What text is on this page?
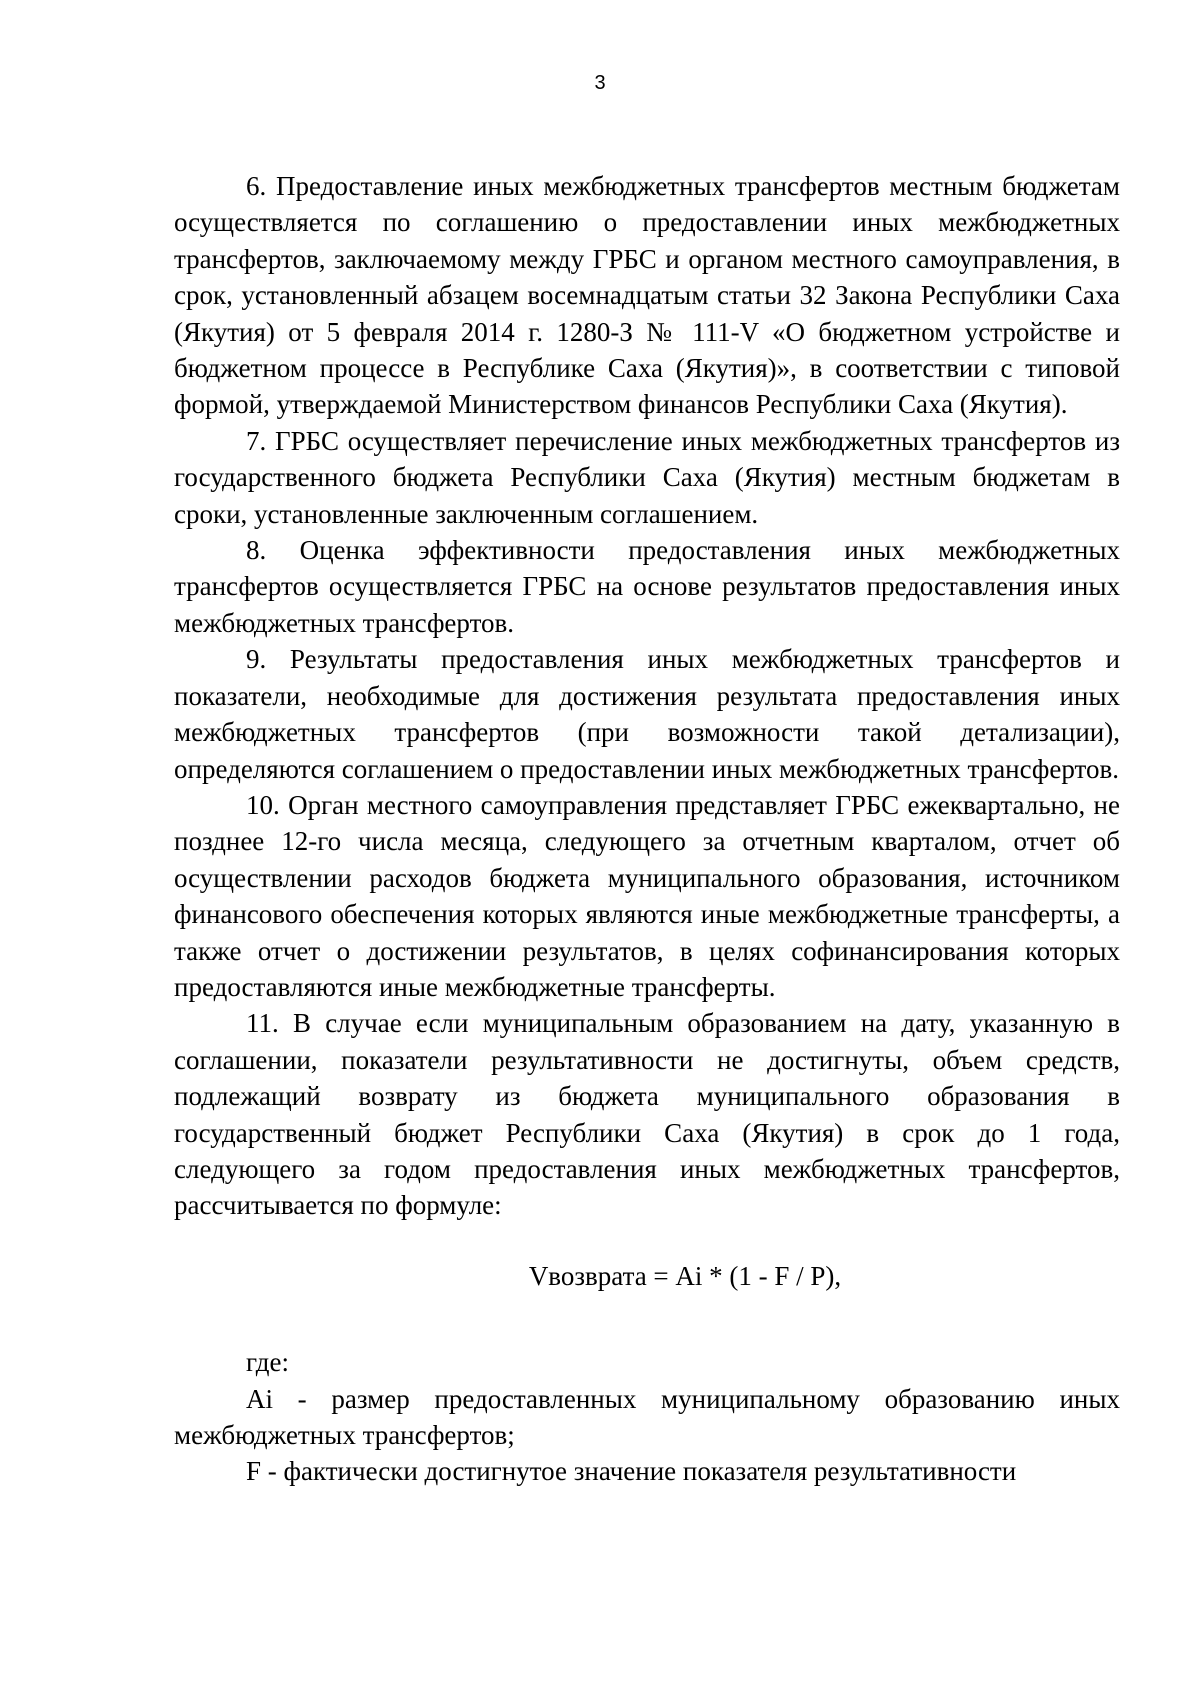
3

6. Предоставление иных межбюджетных трансфертов местным бюджетам осуществляется по соглашению о предоставлении иных межбюджетных трансфертов, заключаемому между ГРБС и органом местного самоуправления, в срок, установленный абзацем восемнадцатым статьи 32 Закона Республики Саха (Якутия) от 5 февраля 2014 г. 1280-З № 111-V «О бюджетном устройстве и бюджетном процессе в Республике Саха (Якутия)», в соответствии с типовой формой, утверждаемой Министерством финансов Республики Саха (Якутия).

7. ГРБС осуществляет перечисление иных межбюджетных трансфертов из государственного бюджета Республики Саха (Якутия) местным бюджетам в сроки, установленные заключенным соглашением.

8. Оценка эффективности предоставления иных межбюджетных трансфертов осуществляется ГРБС на основе результатов предоставления иных межбюджетных трансфертов.

9. Результаты предоставления иных межбюджетных трансфертов и показатели, необходимые для достижения результата предоставления иных межбюджетных трансфертов (при возможности такой детализации), определяются соглашением о предоставлении иных межбюджетных трансфертов.

10. Орган местного самоуправления представляет ГРБС ежеквартально, не позднее 12-го числа месяца, следующего за отчетным кварталом, отчет об осуществлении расходов бюджета муниципального образования, источником финансового обеспечения которых являются иные межбюджетные трансферты, а также отчет о достижении результатов, в целях софинансирования которых предоставляются иные межбюджетные трансферты.

11. В случае если муниципальным образованием на дату, указанную в соглашении, показатели результативности не достигнуты, объем средств, подлежащий возврату из бюджета муниципального образования в государственный бюджет Республики Саха (Якутия) в срок до 1 года, следующего за годом предоставления иных межбюджетных трансфертов, рассчитывается по формуле:

Vвозврата = Ai * (1 - F / P),

где:

Ai - размер предоставленных муниципальному образованию иных межбюджетных трансфертов;

F - фактически достигнутое значение показателя результативности
